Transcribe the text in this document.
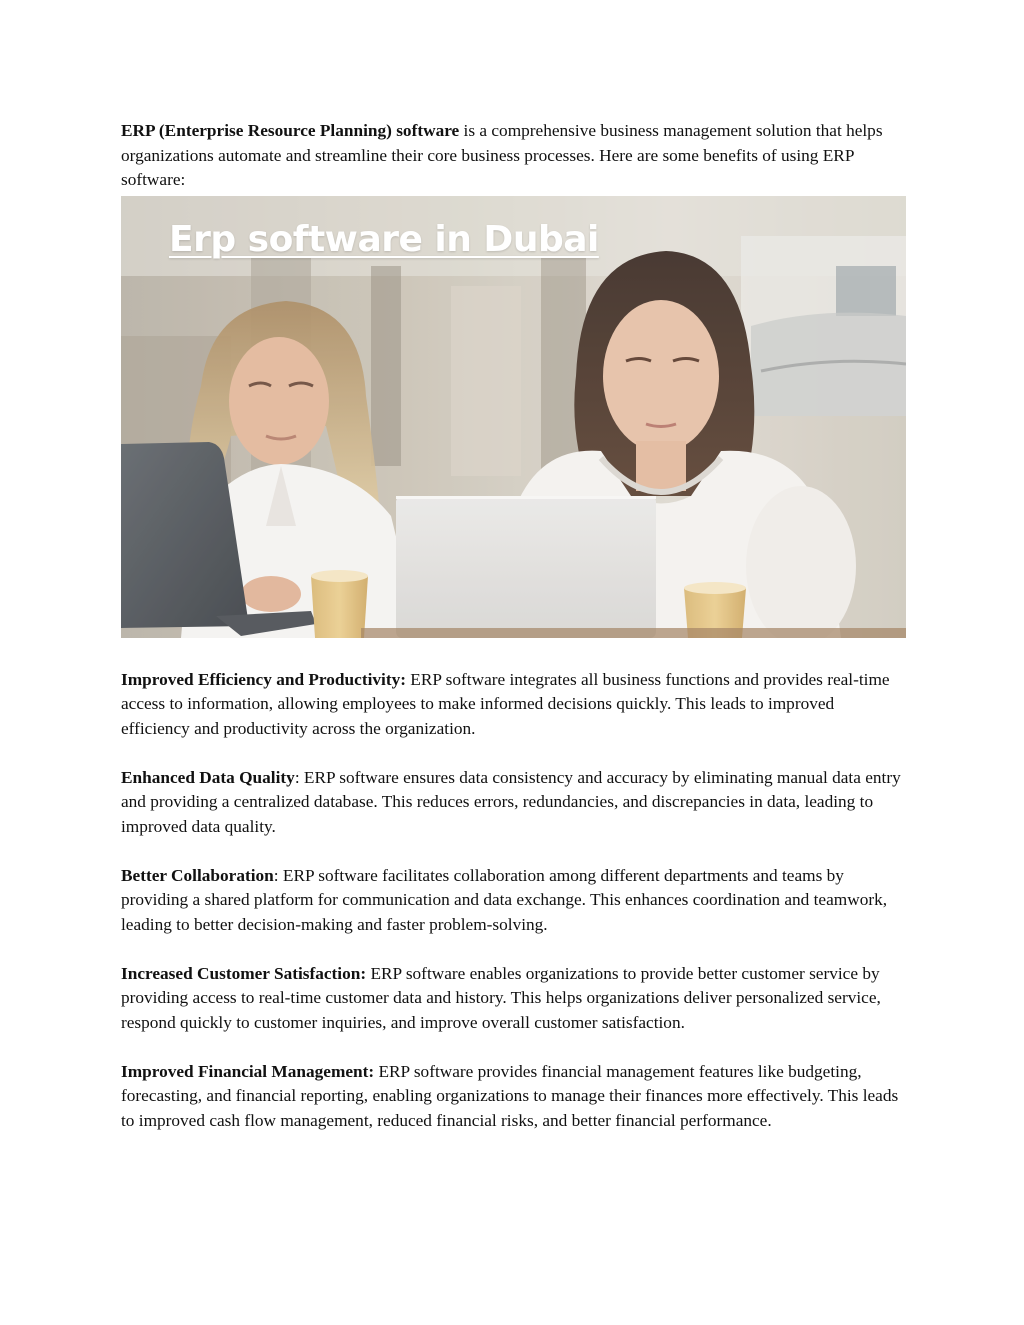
ERP (Enterprise Resource Planning) software is a comprehensive business management solution that helps organizations automate and streamline their core business processes. Here are some benefits of using ERP software:

Erp software in Dubai

Improved Efficiency and Productivity: ERP software integrates all business functions and provides real-time access to information, allowing employees to make informed decisions quickly. This leads to improved efficiency and productivity across the organization.

Enhanced Data Quality: ERP software ensures data consistency and accuracy by eliminating manual data entry and providing a centralized database. This reduces errors, redundancies, and discrepancies in data, leading to improved data quality.

Better Collaboration: ERP software facilitates collaboration among different departments and teams by providing a shared platform for communication and data exchange. This enhances coordination and teamwork, leading to better decision-making and faster problem-solving.

Increased Customer Satisfaction: ERP software enables organizations to provide better customer service by providing access to real-time customer data and history. This helps organizations deliver personalized service, respond quickly to customer inquiries, and improve overall customer satisfaction.

Improved Financial Management: ERP software provides financial management features like budgeting, forecasting, and financial reporting, enabling organizations to manage their finances more effectively. This leads to improved cash flow management, reduced financial risks, and better financial performance.
